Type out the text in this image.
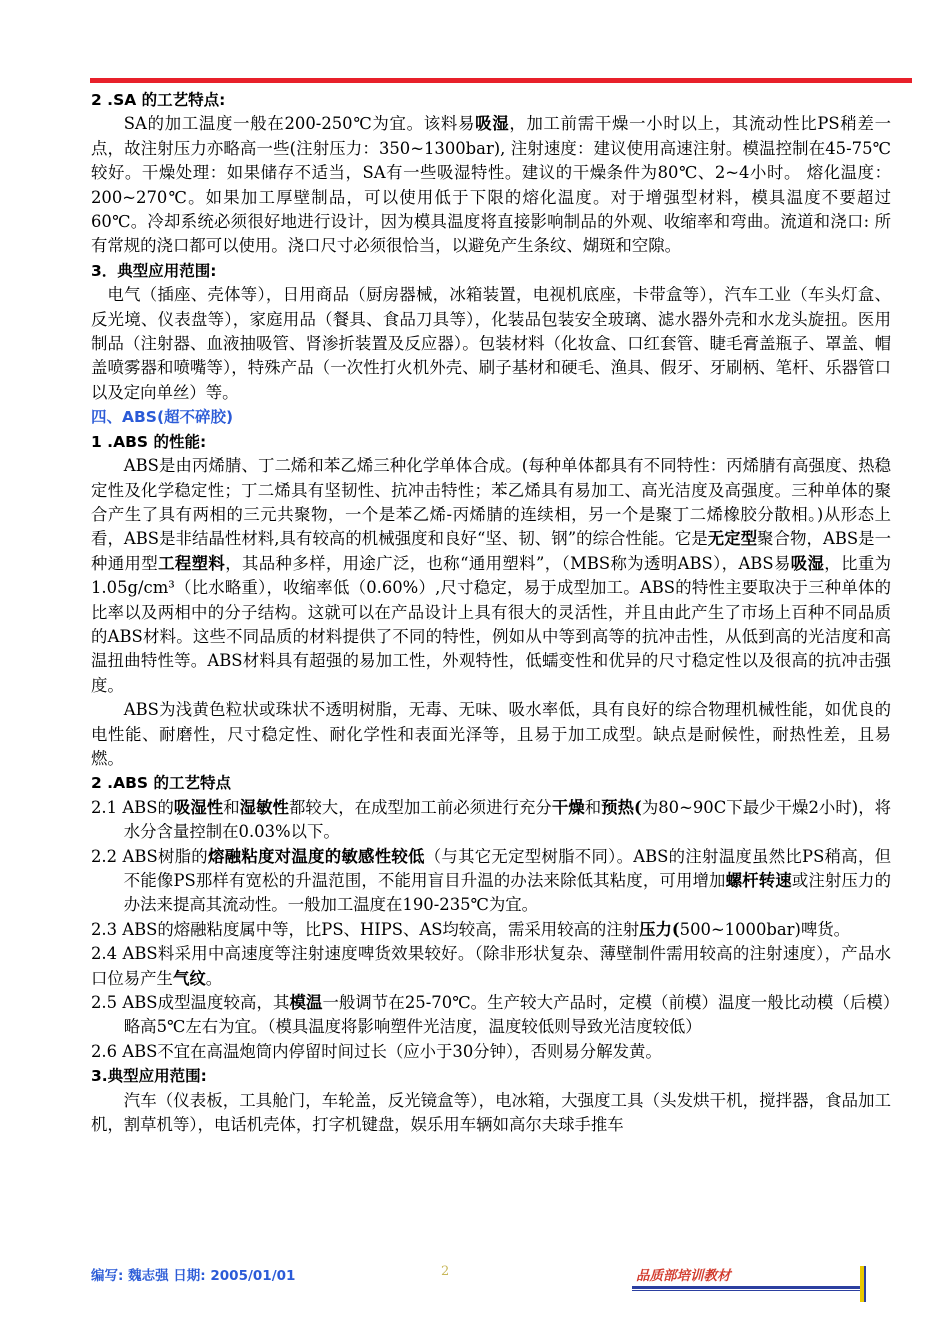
2 .SA 的工艺特点:

SA的加工温度一般在200-250℃为宜。该料易吸湿，加工前需干燥一小时以上，其流动性比PS稍差一点，故注射压力亦略高一些(注射压力：350~1300bar), 注射速度：建议使用高速注射。模温控制在45-75℃较好。干燥处理：如果储存不适当，SA有一些吸湿特性。建议的干燥条件为80℃、2~4小时。 熔化温度：200~270℃。如果加工厚壁制品，可以使用低于下限的熔化温度。对于增强型材料，模具温度不要超过60℃。冷却系统必须很好地进行设计，因为模具温度将直接影响制品的外观、收缩率和弯曲。流道和浇口: 所有常规的浇口都可以使用。浇口尺寸必须很恰当，以避免产生条纹、煳斑和空隙。

3．典型应用范围:

电气（插座、壳体等），日用商品（厨房器械，冰箱装置，电视机底座，卡带盒等），汽车工业（车头灯盒、反光境、仪表盘等），家庭用品（餐具、食品刀具等），化装品包装安全玻璃、滤水器外壳和水龙头旋扭。医用制品（注射器、血液抽吸管、肾渗折装置及反应器）。包装材料（化妆盒、口红套管、睫毛膏盖瓶子、罩盖、帽盖喷雾器和喷嘴等），特殊产品（一次性打火机外壳、刷子基材和硬毛、渔具、假牙、牙刷柄、笔杆、乐器管口以及定向单丝）等。

四、ABS(超不碎胶)
1 .ABS 的性能:

ABS是由丙烯腈、丁二烯和苯乙烯三种化学单体合成。(每种单体都具有不同特性：丙烯腈有高强度、热稳定性及化学稳定性；丁二烯具有坚韧性、抗冲击特性；苯乙烯具有易加工、高光洁度及高强度。三种单体的聚合产生了具有两相的三元共聚物，一个是苯乙烯-丙烯腈的连续相，另一个是聚丁二烯橡胶分散相。)从形态上看，ABS是非结晶性材料,具有较高的机械强度和良好“坚、韧、钢”的综合性能。它是无定型聚合物，ABS是一种通用型工程塑料，其品种多样，用途广泛，也称“通用塑料”，（MBS称为透明ABS），ABS易吸湿，比重为1.05g/cm³（比水略重），收缩率低（0.60%）,尺寸稳定，易于成型加工。ABS的特性主要取决于三种单体的比率以及两相中的分子结构。这就可以在产品设计上具有很大的灵活性，并且由此产生了市场上百种不同品质的ABS材料。这些不同品质的材料提供了不同的特性，例如从中等到高等的抗冲击性，从低到高的光洁度和高温扭曲特性等。ABS材料具有超强的易加工性，外观特性，低蠕变性和优异的尺寸稳定性以及很高的抗冲击强度。

ABS为浅黄色粒状或珠状不透明树脂，无毒、无味、吸水率低，具有良好的综合物理机械性能，如优良的电性能、耐磨性，尺寸稳定性、耐化学性和表面光泽等，且易于加工成型。缺点是耐候性，耐热性差，且易燃。

2 .ABS 的工艺特点

2.1 ABS的吸湿性和湿敏性都较大，在成型加工前必须进行充分干燥和预热(为80~90C下最少干燥2小时)，将水分含量控制在0.03%以下。

2.2 ABS树脂的熔融粘度对温度的敏感性较低（与其它无定型树脂不同）。ABS的注射温度虽然比PS稍高，但不能像PS那样有宽松的升温范围，不能用盲目升温的办法来除低其粘度，可用增加螺杆转速或注射压力的办法来提高其流动性。一般加工温度在190-235℃为宜。

2.3 ABS的熔融粘度属中等，比PS、HIPS、AS均较高，需采用较高的注射压力(500~1000bar)啤货。

2.4 ABS料采用中高速度等注射速度啤货效果较好。（除非形状复杂、薄壁制件需用较高的注射速度），产品水口位易产生气纹。

2.5 ABS成型温度较高，其模温一般调节在25-70℃。生产较大产品时，定模（前模）温度一般比动模（后模）略高5℃左右为宜。（模具温度将影响塑件光洁度，温度较低则导致光洁度较低）

2.6 ABS不宜在高温炮筒内停留时间过长（应小于30分钟），否则易分解发黄。

3.典型应用范围:

汽车（仪表板，工具舱门，车轮盖，反光镜盒等），电冰箱，大强度工具（头发烘干机，搅拌器，食品加工机，割草机等），电话机壳体，打字机键盘，娱乐用车辆如高尔夫球手推车

编写: 魏志强 日期: 2005/01/01	2	品质部培训教材
